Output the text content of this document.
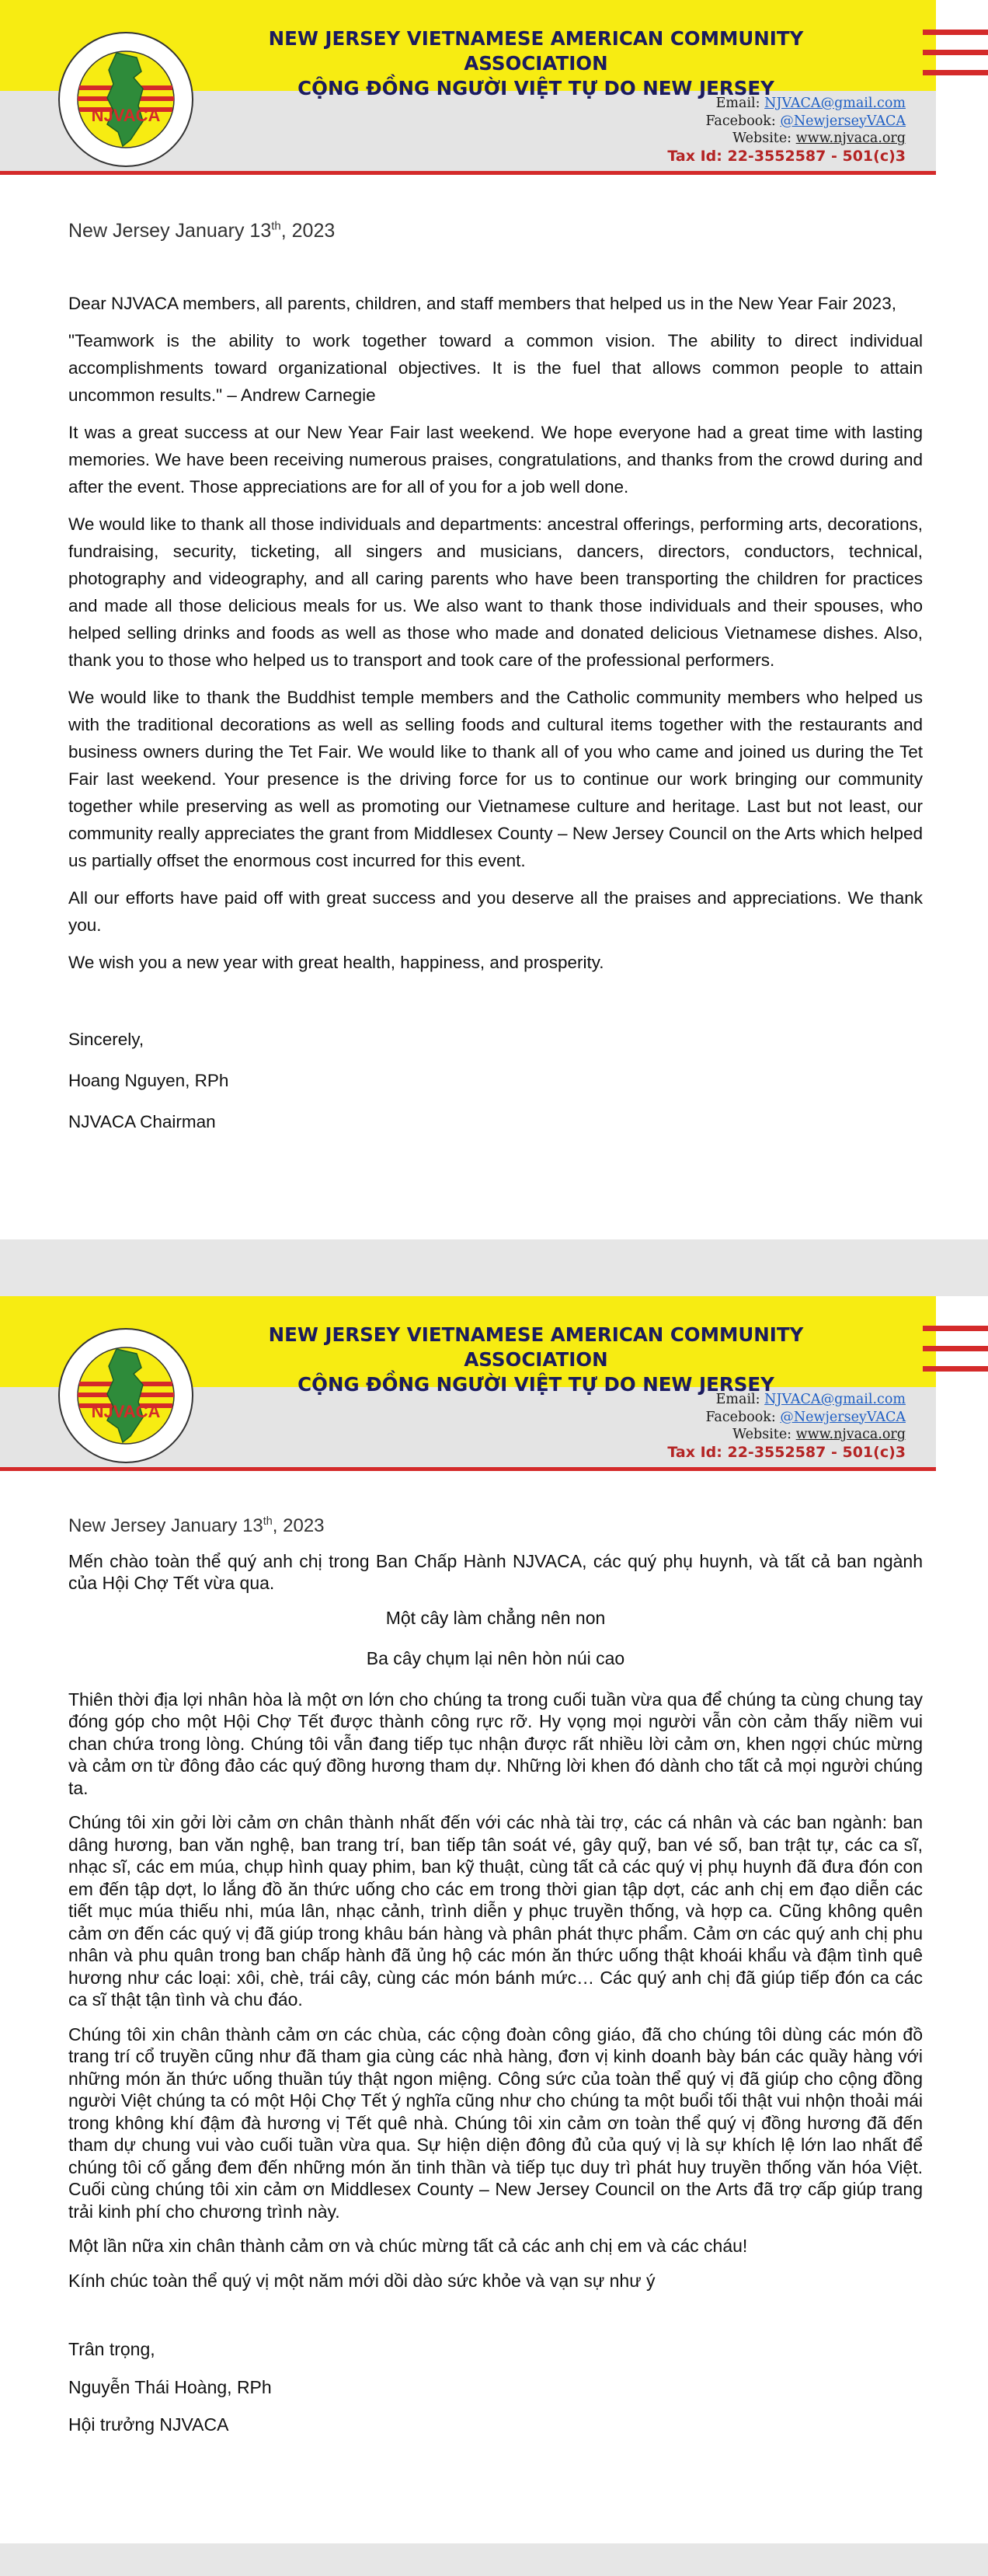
NJVACA
NEW JERSEY VIETNAMESE AMERICAN COMMUNITY ASSOCIATION
CỘNG ĐỒNG NGƯỜI VIỆT TỰ DO NEW JERSEY
Email: NJVACA@gmail.com
Facebook: @NewjerseyVACA
Website: www.njvaca.org
Tax Id: 22-3552587 - 501(c)3

New Jersey January 13th, 2023

Dear NJVACA members, all parents, children, and staff members that helped us in the New Year Fair 2023,

"Teamwork is the ability to work together toward a common vision. The ability to direct individual accomplishments toward organizational objectives. It is the fuel that allows common people to attain uncommon results." – Andrew Carnegie

It was a great success at our New Year Fair last weekend. We hope everyone had a great time with lasting memories. We have been receiving numerous praises, congratulations, and thanks from the crowd during and after the event. Those appreciations are for all of you for a job well done.

We would like to thank all those individuals and departments: ancestral offerings, performing arts, decorations, fundraising, security, ticketing, all singers and musicians, dancers, directors, conductors, technical, photography and videography, and all caring parents who have been transporting the children for practices and made all those delicious meals for us. We also want to thank those individuals and their spouses, who helped selling drinks and foods as well as those who made and donated delicious Vietnamese dishes. Also, thank you to those who helped us to transport and took care of the professional performers.

We would like to thank the Buddhist temple members and the Catholic community members who helped us with the traditional decorations as well as selling foods and cultural items together with the restaurants and business owners during the Tet Fair. We would like to thank all of you who came and joined us during the Tet Fair last weekend. Your presence is the driving force for us to continue our work bringing our community together while preserving as well as promoting our Vietnamese culture and heritage. Last but not least, our community really appreciates the grant from Middlesex County – New Jersey Council on the Arts which helped us partially offset the enormous cost incurred for this event.

All our efforts have paid off with great success and you deserve all the praises and appreciations. We thank you.

We wish you a new year with great health, happiness, and prosperity.

Sincerely,

Hoang Nguyen, RPh

NJVACA Chairman

NJVACA
NEW JERSEY VIETNAMESE AMERICAN COMMUNITY ASSOCIATION
CỘNG ĐỒNG NGƯỜI VIỆT TỰ DO NEW JERSEY
Email: NJVACA@gmail.com
Facebook: @NewjerseyVACA
Website: www.njvaca.org
Tax Id: 22-3552587 - 501(c)3

New Jersey January 13th, 2023

Mến chào toàn thể quý anh chị trong Ban Chấp Hành NJVACA, các quý phụ huynh, và tất cả ban ngành của Hội Chợ Tết vừa qua.

Một cây làm chẳng nên non

Ba cây chụm lại nên hòn núi cao

Thiên thời địa lợi nhân hòa là một ơn lớn cho chúng ta trong cuối tuần vừa qua để chúng ta cùng chung tay đóng góp cho một Hội Chợ Tết được thành công rực rỡ. Hy vọng mọi người vẫn còn cảm thấy niềm vui chan chứa trong lòng. Chúng tôi vẫn đang tiếp tục nhận được rất nhiều lời cảm ơn, khen ngợi chúc mừng và cảm ơn từ đông đảo các quý đồng hương tham dự. Những lời khen đó dành cho tất cả mọi người chúng ta.

Chúng tôi xin gởi lời cảm ơn chân thành nhất đến với các nhà tài trợ, các cá nhân và các ban ngành: ban dâng hương, ban văn nghệ, ban trang trí, ban tiếp tân soát vé, gây quỹ, ban vé số, ban trật tự, các ca sĩ, nhạc sĩ, các em múa, chụp hình quay phim, ban kỹ thuật, cùng tất cả các quý vị phụ huynh đã đưa đón con em đến tập dợt, lo lắng đồ ăn thức uống cho các em trong thời gian tập dợt, các anh chị em đạo diễn các tiết mục múa thiếu nhi, múa lân, nhạc cảnh, trình diễn y phục truyền thống, và hợp ca. Cũng không quên cảm ơn đến các quý vị đã giúp trong khâu bán hàng và phân phát thực phẩm. Cảm ơn các quý anh chị phu nhân và phu quân trong ban chấp hành đã ủng hộ các món ăn thức uống thật khoái khẩu và đậm tình quê hương như các loại: xôi, chè, trái cây, cùng các món bánh mức… Các quý anh chị đã giúp tiếp đón ca các ca sĩ thật tận tình và chu đáo.

Chúng tôi xin chân thành cảm ơn các chùa, các cộng đoàn công giáo, đã cho chúng tôi dùng các món đồ trang trí cổ truyền cũng như đã tham gia cùng các nhà hàng, đơn vị kinh doanh bày bán các quầy hàng với những món ăn thức uống thuần túy thật ngon miệng. Công sức của toàn thể quý vị đã giúp cho cộng đồng người Việt chúng ta có một Hội Chợ Tết ý nghĩa cũng như cho chúng ta một buổi tối thật vui nhộn thoải mái trong không khí đậm đà hương vị Tết quê nhà. Chúng tôi xin cảm ơn toàn thể quý vị đồng hương đã đến tham dự chung vui vào cuối tuần vừa qua. Sự hiện diện đông đủ của quý vị là sự khích lệ lớn lao nhất để chúng tôi cố gắng đem đến những món ăn tinh thần và tiếp tục duy trì phát huy truyền thống văn hóa Việt. Cuối cùng chúng tôi xin cảm ơn Middlesex County – New Jersey Council on the Arts đã trợ cấp giúp trang trải kinh phí cho chương trình này.

Một lần nữa xin chân thành cảm ơn và chúc mừng tất cả các anh chị em và các cháu!

Kính chúc toàn thể quý vị một năm mới dồi dào sức khỏe và vạn sự như ý

Trân trọng,

Nguyễn Thái Hoàng, RPh

Hội trưởng NJVACA
